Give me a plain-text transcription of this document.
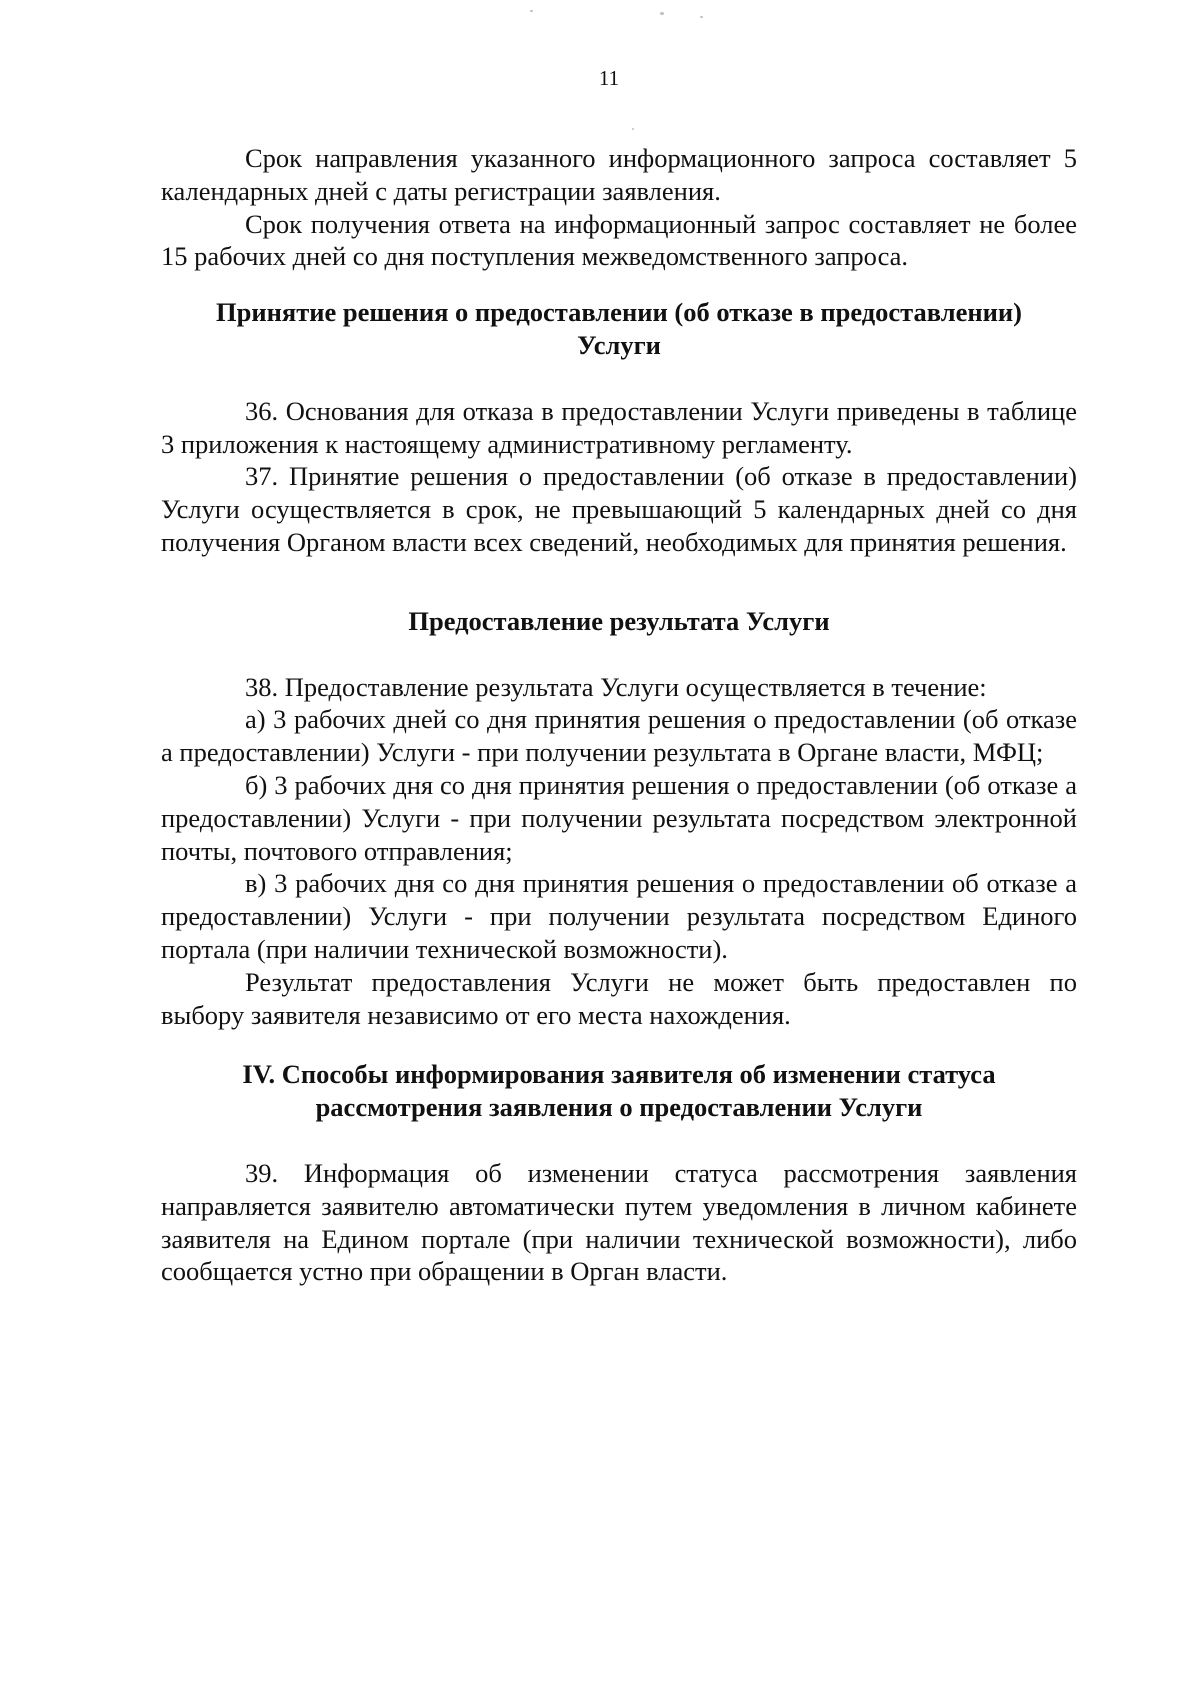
11

Срок направления указанного информационного запроса составляет 5 календарных дней с даты регистрации заявления.

Срок получения ответа на информационный запрос составляет не более 15 рабочих дней со дня поступления межведомственного запроса.

Принятие решения о предоставлении (об отказе в предоставлении)
Услуги

36. Основания для отказа в предоставлении Услуги приведены в таблице 3 приложения к настоящему административному регламенту.

37. Принятие решения о предоставлении (об отказе в предоставлении) Услуги осуществляется в срок, не превышающий 5 календарных дней со дня получения Органом власти всех сведений, необходимых для принятия решения.

Предоставление результата Услуги

38. Предоставление результата Услуги осуществляется в течение:

а) 3 рабочих дней со дня принятия решения о предоставлении (об отказе а предоставлении) Услуги - при получении результата в Органе власти, МФЦ;

б) 3 рабочих дня со дня принятия решения о предоставлении (об отказе а предоставлении) Услуги - при получении результата посредством электронной почты, почтового отправления;

в) 3 рабочих дня со дня принятия решения о предоставлении об отказе а предоставлении) Услуги - при получении результата посредством Единого портала (при наличии технической возможности).

Результат предоставления Услуги не может быть предоставлен по выбору заявителя независимо от его места нахождения.

IV. Способы информирования заявителя об изменении статуса
рассмотрения заявления о предоставлении Услуги

39. Информация об изменении статуса рассмотрения заявления направляется заявителю автоматически путем уведомления в личном кабинете заявителя на Едином портале (при наличии технической возможности), либо сообщается устно при обращении в Орган власти.
